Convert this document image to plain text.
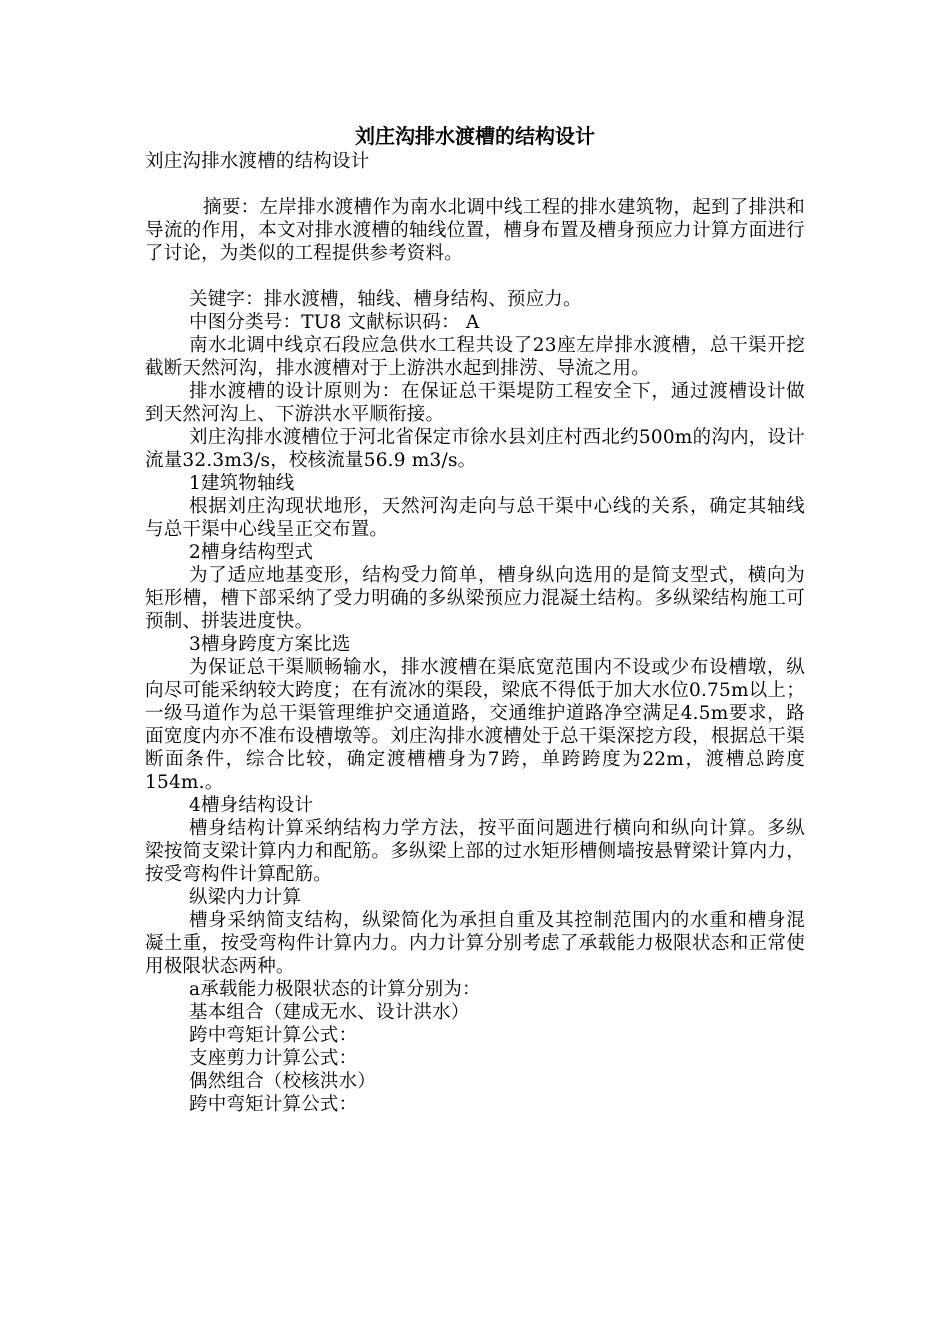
刘庄沟排水渡槽的结构设计

刘庄沟排水渡槽的结构设计

摘要：左岸排水渡槽作为南水北调中线工程的排水建筑物，起到了排洪和导流的作用，本文对排水渡槽的轴线位置，槽身布置及槽身预应力计算方面进行了讨论，为类似的工程提供参考资料。

关键字：排水渡槽，轴线、槽身结构、预应力。

中图分类号：TU8 文献标识码： A

南水北调中线京石段应急供水工程共设了23座左岸排水渡槽，总干渠开挖截断天然河沟，排水渡槽对于上游洪水起到排涝、导流之用。

排水渡槽的设计原则为：在保证总干渠堤防工程安全下，通过渡槽设计做到天然河沟上、下游洪水平顺衔接。

刘庄沟排水渡槽位于河北省保定市徐水县刘庄村西北约500m的沟内，设计流量32.3m3/s，校核流量56.9 m3/s。

1建筑物轴线

根据刘庄沟现状地形，天然河沟走向与总干渠中心线的关系，确定其轴线与总干渠中心线呈正交布置。

2槽身结构型式

为了适应地基变形，结构受力简单，槽身纵向选用的是简支型式，横向为矩形槽，槽下部采纳了受力明确的多纵梁预应力混凝土结构。多纵梁结构施工可预制、拼装进度快。

3槽身跨度方案比选

为保证总干渠顺畅输水，排水渡槽在渠底宽范围内不设或少布设槽墩，纵向尽可能采纳较大跨度；在有流冰的渠段，梁底不得低于加大水位0.75m以上；一级马道作为总干渠管理维护交通道路，交通维护道路净空满足4.5m要求，路面宽度内亦不准布设槽墩等。刘庄沟排水渡槽处于总干渠深挖方段，根据总干渠断面条件，综合比较，确定渡槽槽身为7跨，单跨跨度为22m，渡槽总跨度154m.。

4槽身结构设计

槽身结构计算采纳结构力学方法，按平面问题进行横向和纵向计算。多纵梁按简支梁计算内力和配筋。多纵梁上部的过水矩形槽侧墙按悬臂梁计算内力，按受弯构件计算配筋。

纵梁内力计算

槽身采纳简支结构，纵梁简化为承担自重及其控制范围内的水重和槽身混凝土重，按受弯构件计算内力。内力计算分别考虑了承载能力极限状态和正常使用极限状态两种。

a承载能力极限状态的计算分别为：

基本组合（建成无水、设计洪水）

跨中弯矩计算公式：

支座剪力计算公式：

偶然组合（校核洪水）

跨中弯矩计算公式：
